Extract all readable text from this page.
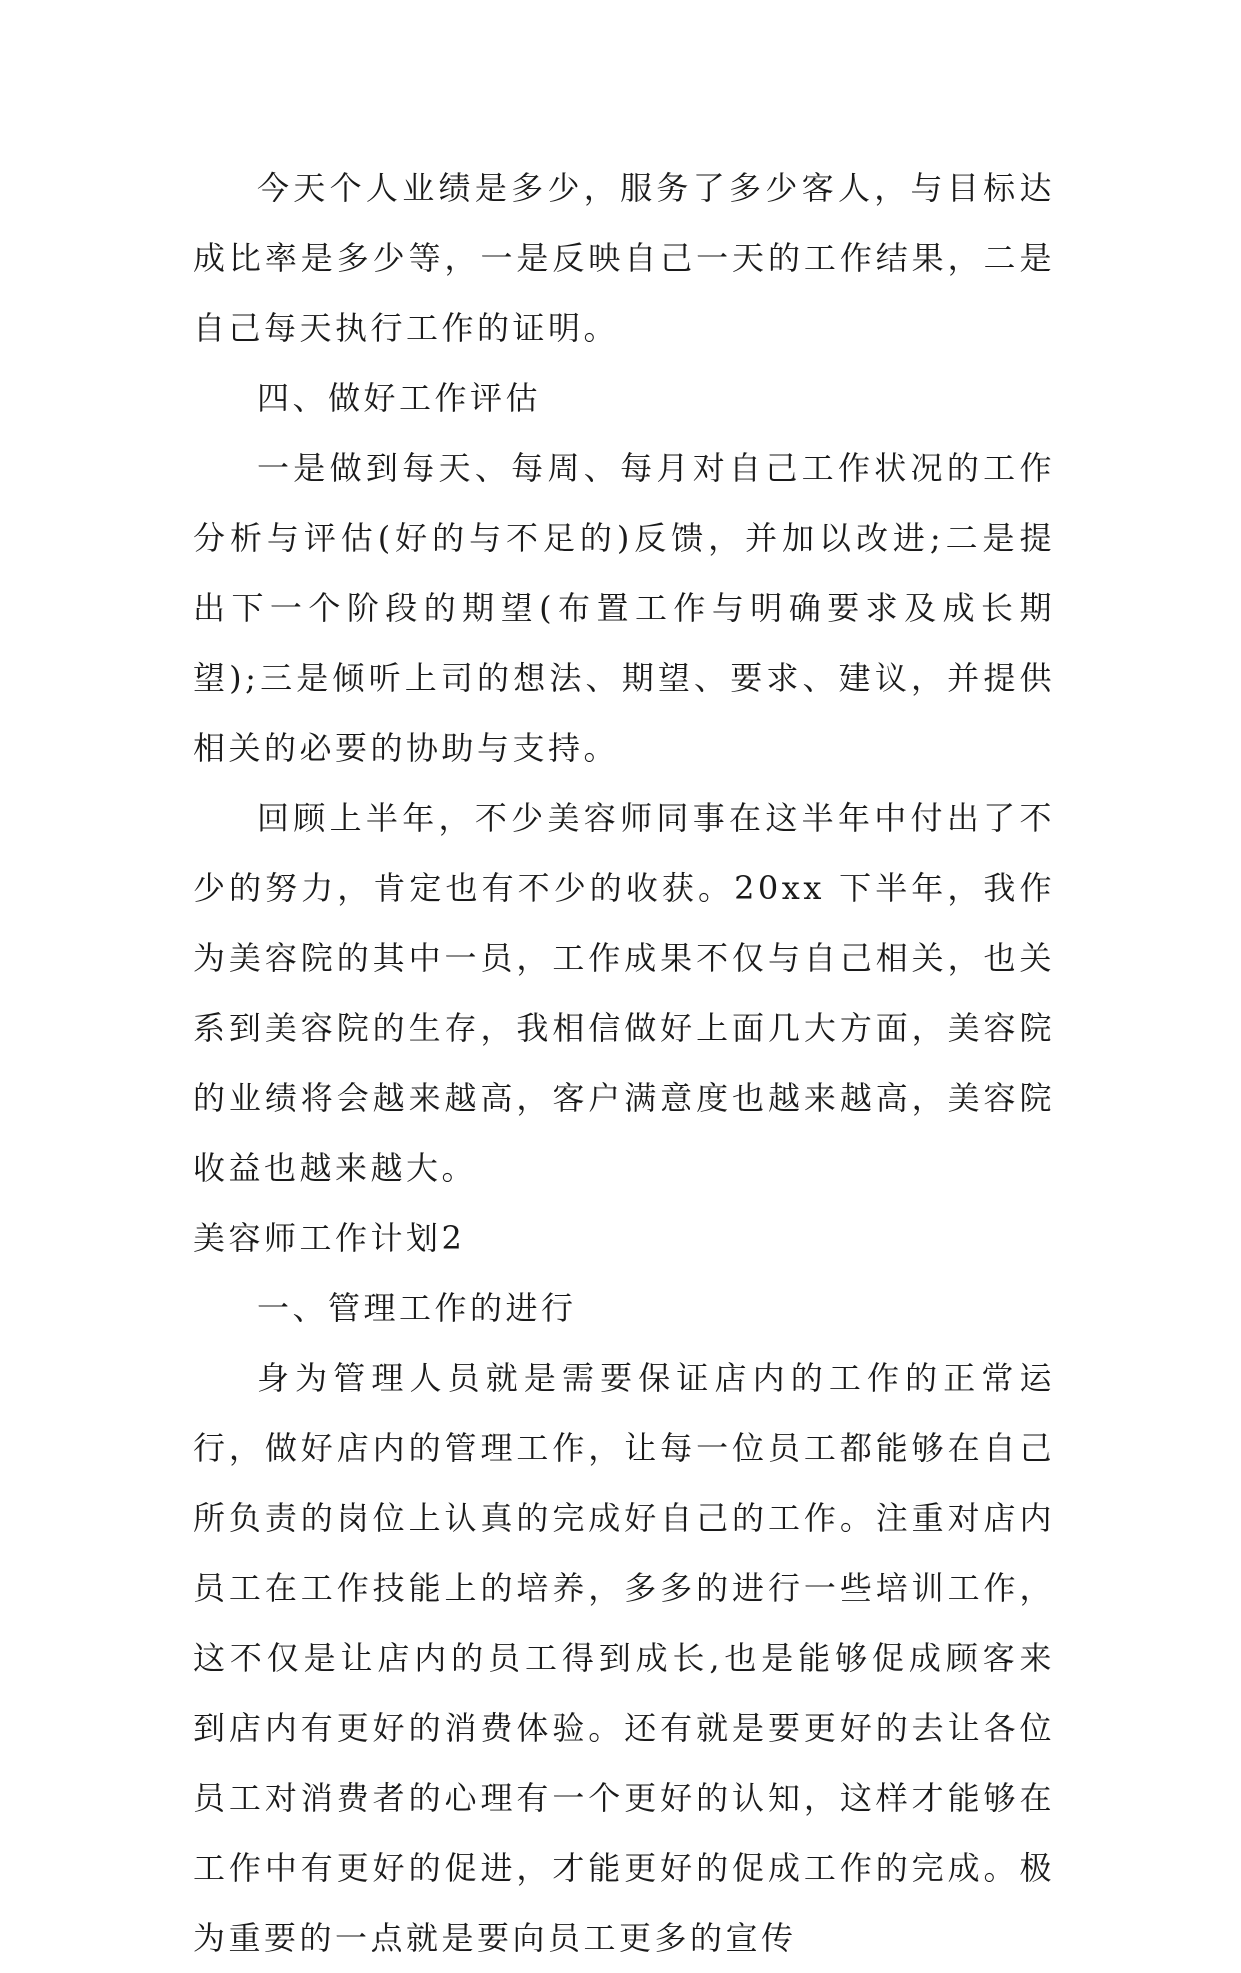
今天个人业绩是多少，服务了多少客人，与目标达成比率是多少等，一是反映自己一天的工作结果，二是自己每天执行工作的证明。

四、做好工作评估

一是做到每天、每周、每月对自己工作状况的工作分析与评估(好的与不足的)反馈，并加以改进;二是提出下一个阶段的期望(布置工作与明确要求及成长期望);三是倾听上司的想法、期望、要求、建议，并提供相关的必要的协助与支持。

回顾上半年，不少美容师同事在这半年中付出了不少的努力，肯定也有不少的收获。20xx 下半年，我作为美容院的其中一员，工作成果不仅与自己相关，也关系到美容院的生存，我相信做好上面几大方面，美容院的业绩将会越来越高，客户满意度也越来越高，美容院收益也越来越大。

美容师工作计划2

一、管理工作的进行

身为管理人员就是需要保证店内的工作的正常运行，做好店内的管理工作，让每一位员工都能够在自己所负责的岗位上认真的完成好自己的工作。注重对店内员工在工作技能上的培养，多多的进行一些培训工作，这不仅是让店内的员工得到成长,也是能够促成顾客来到店内有更好的消费体验。还有就是要更好的去让各位员工对消费者的心理有一个更好的认知，这样才能够在工作中有更好的促进，才能更好的促成工作的完成。极为重要的一点就是要向员工更多的宣传
